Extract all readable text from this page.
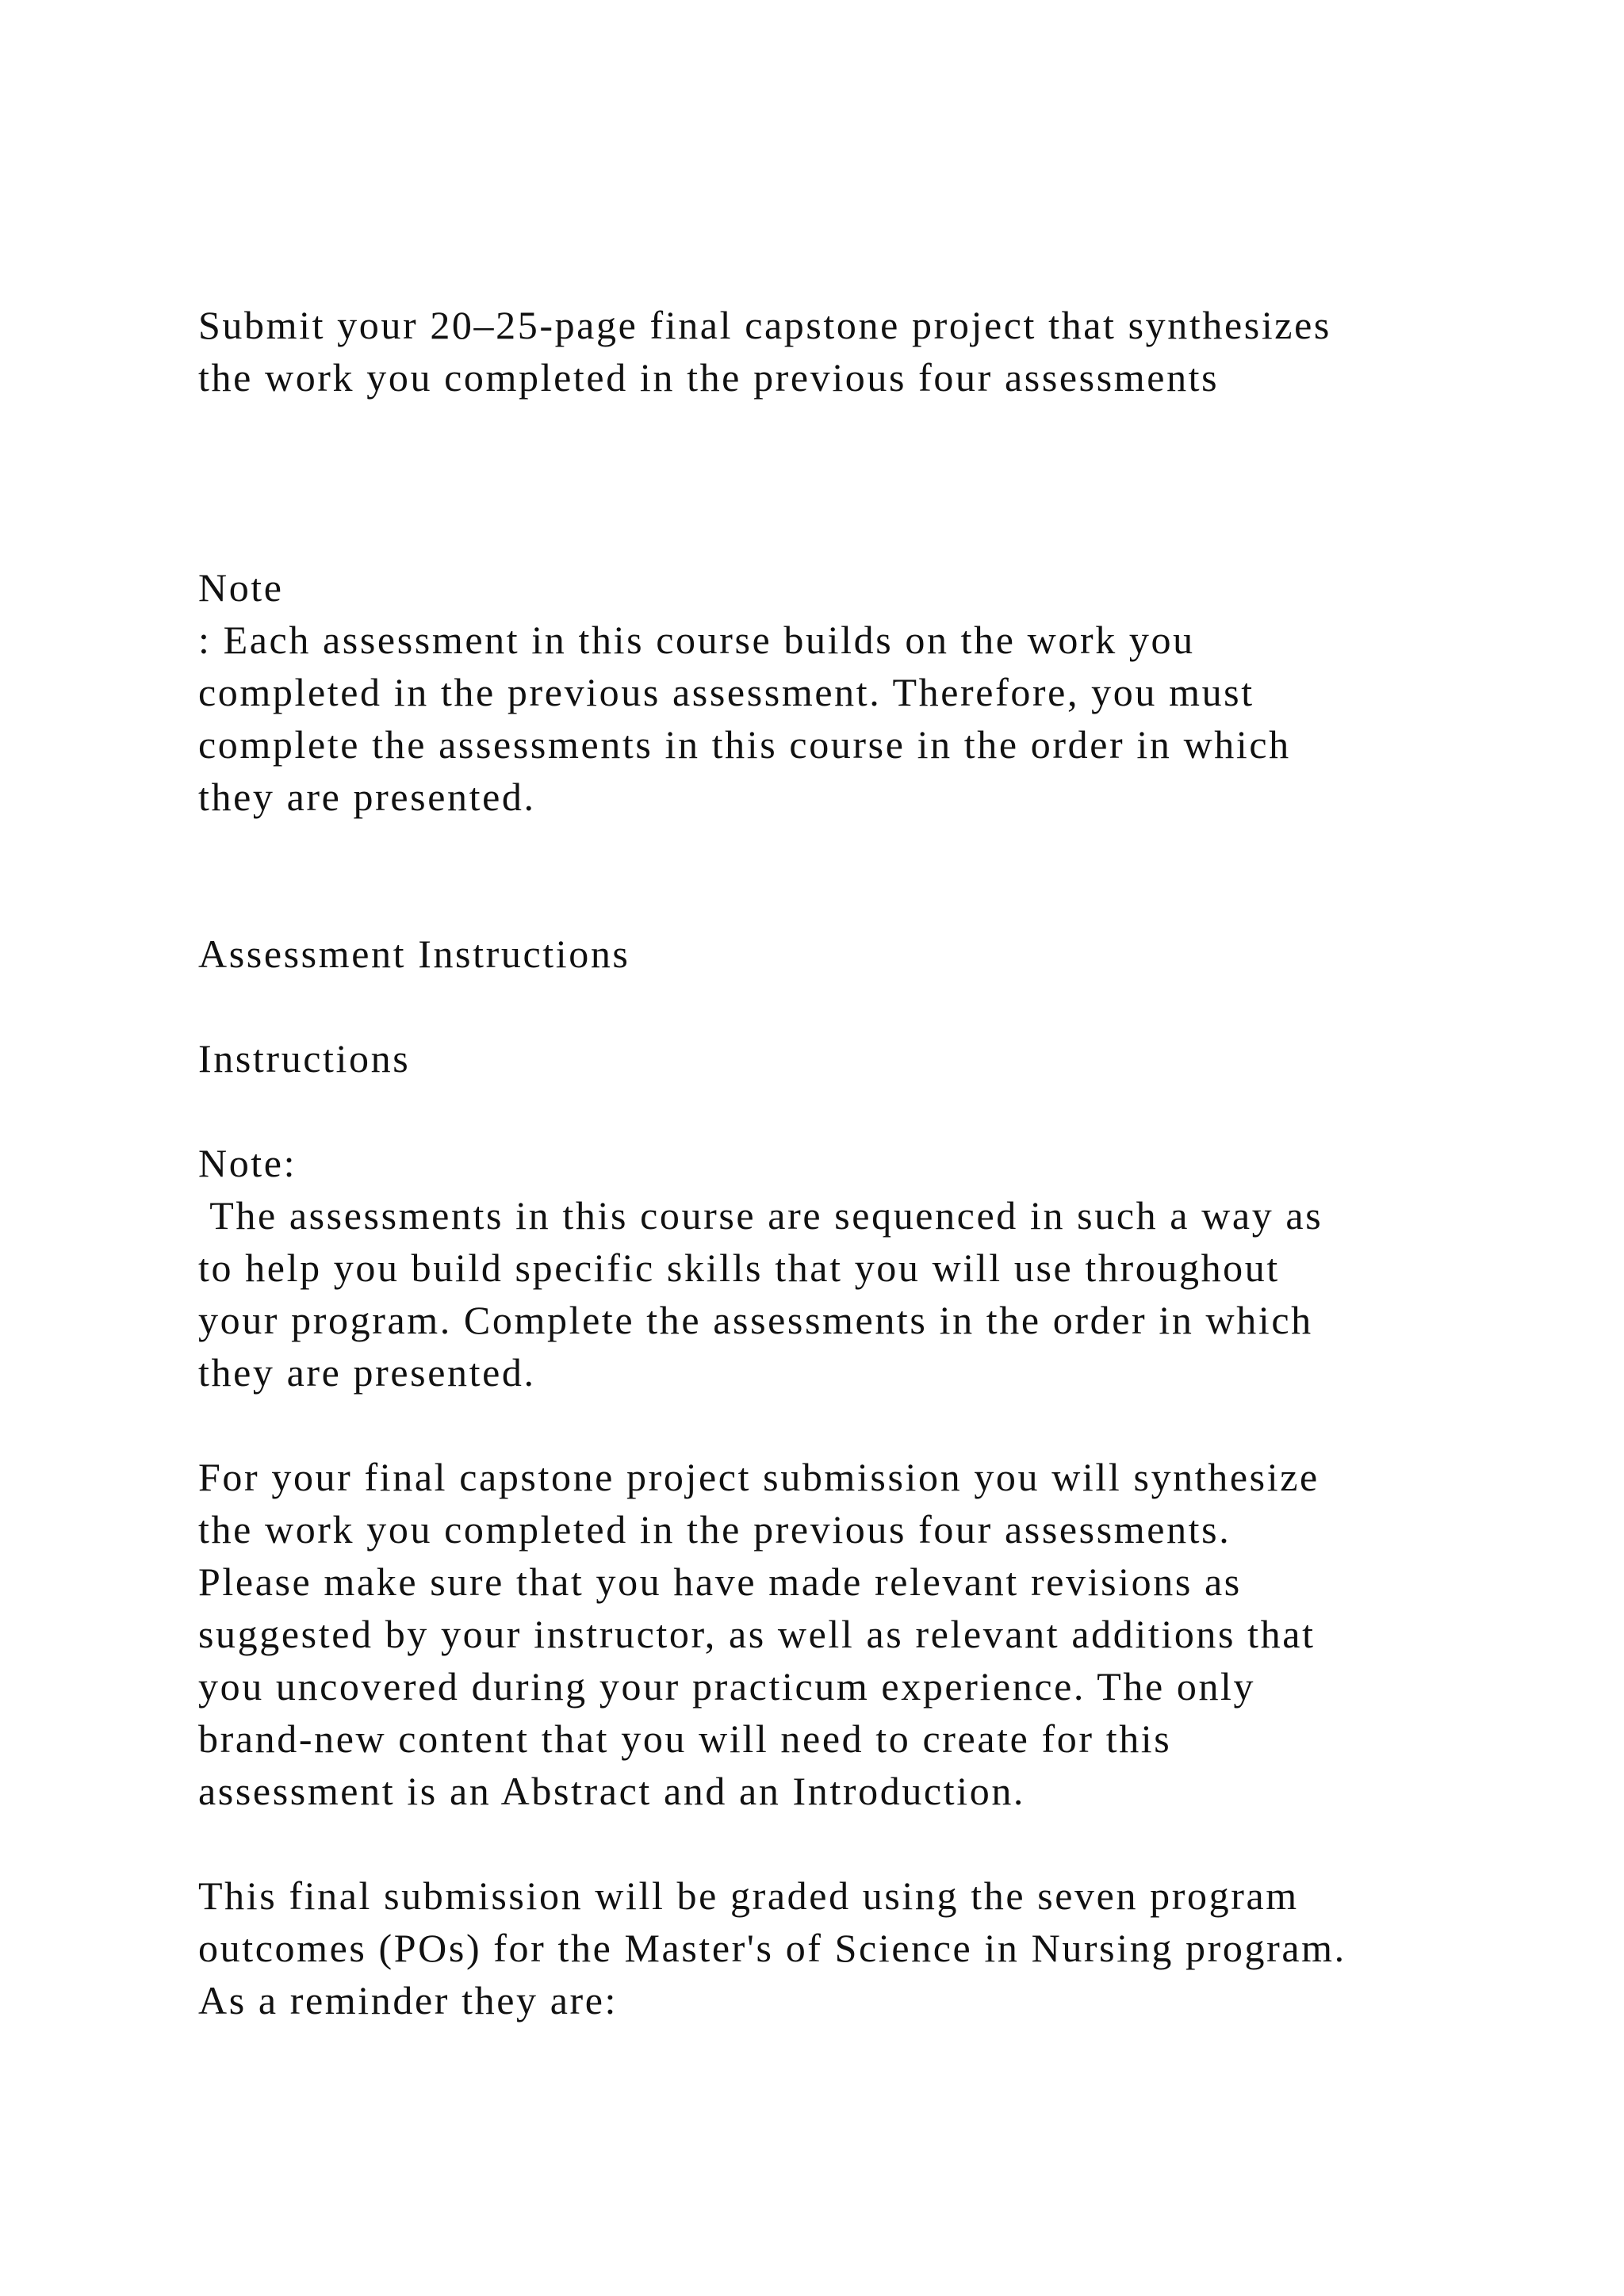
Submit your 20–25-page final capstone project that synthesizes

the work you completed in the previous four assessments

Note

: Each assessment in this course builds on the work you

completed in the previous assessment. Therefore, you must

complete the assessments in this course in the order in which

they are presented.

Assessment Instructions

Instructions

Note:

The assessments in this course are sequenced in such a way as

to help you build specific skills that you will use throughout

your program. Complete the assessments in the order in which

they are presented.

For your final capstone project submission you will synthesize

the work you completed in the previous four assessments.

Please make sure that you have made relevant revisions as

suggested by your instructor, as well as relevant additions that

you uncovered during your practicum experience. The only

brand-new content that you will need to create for this

assessment is an Abstract and an Introduction.

This final submission will be graded using the seven program

outcomes (POs) for the Master's of Science in Nursing program.

As a reminder they are:
